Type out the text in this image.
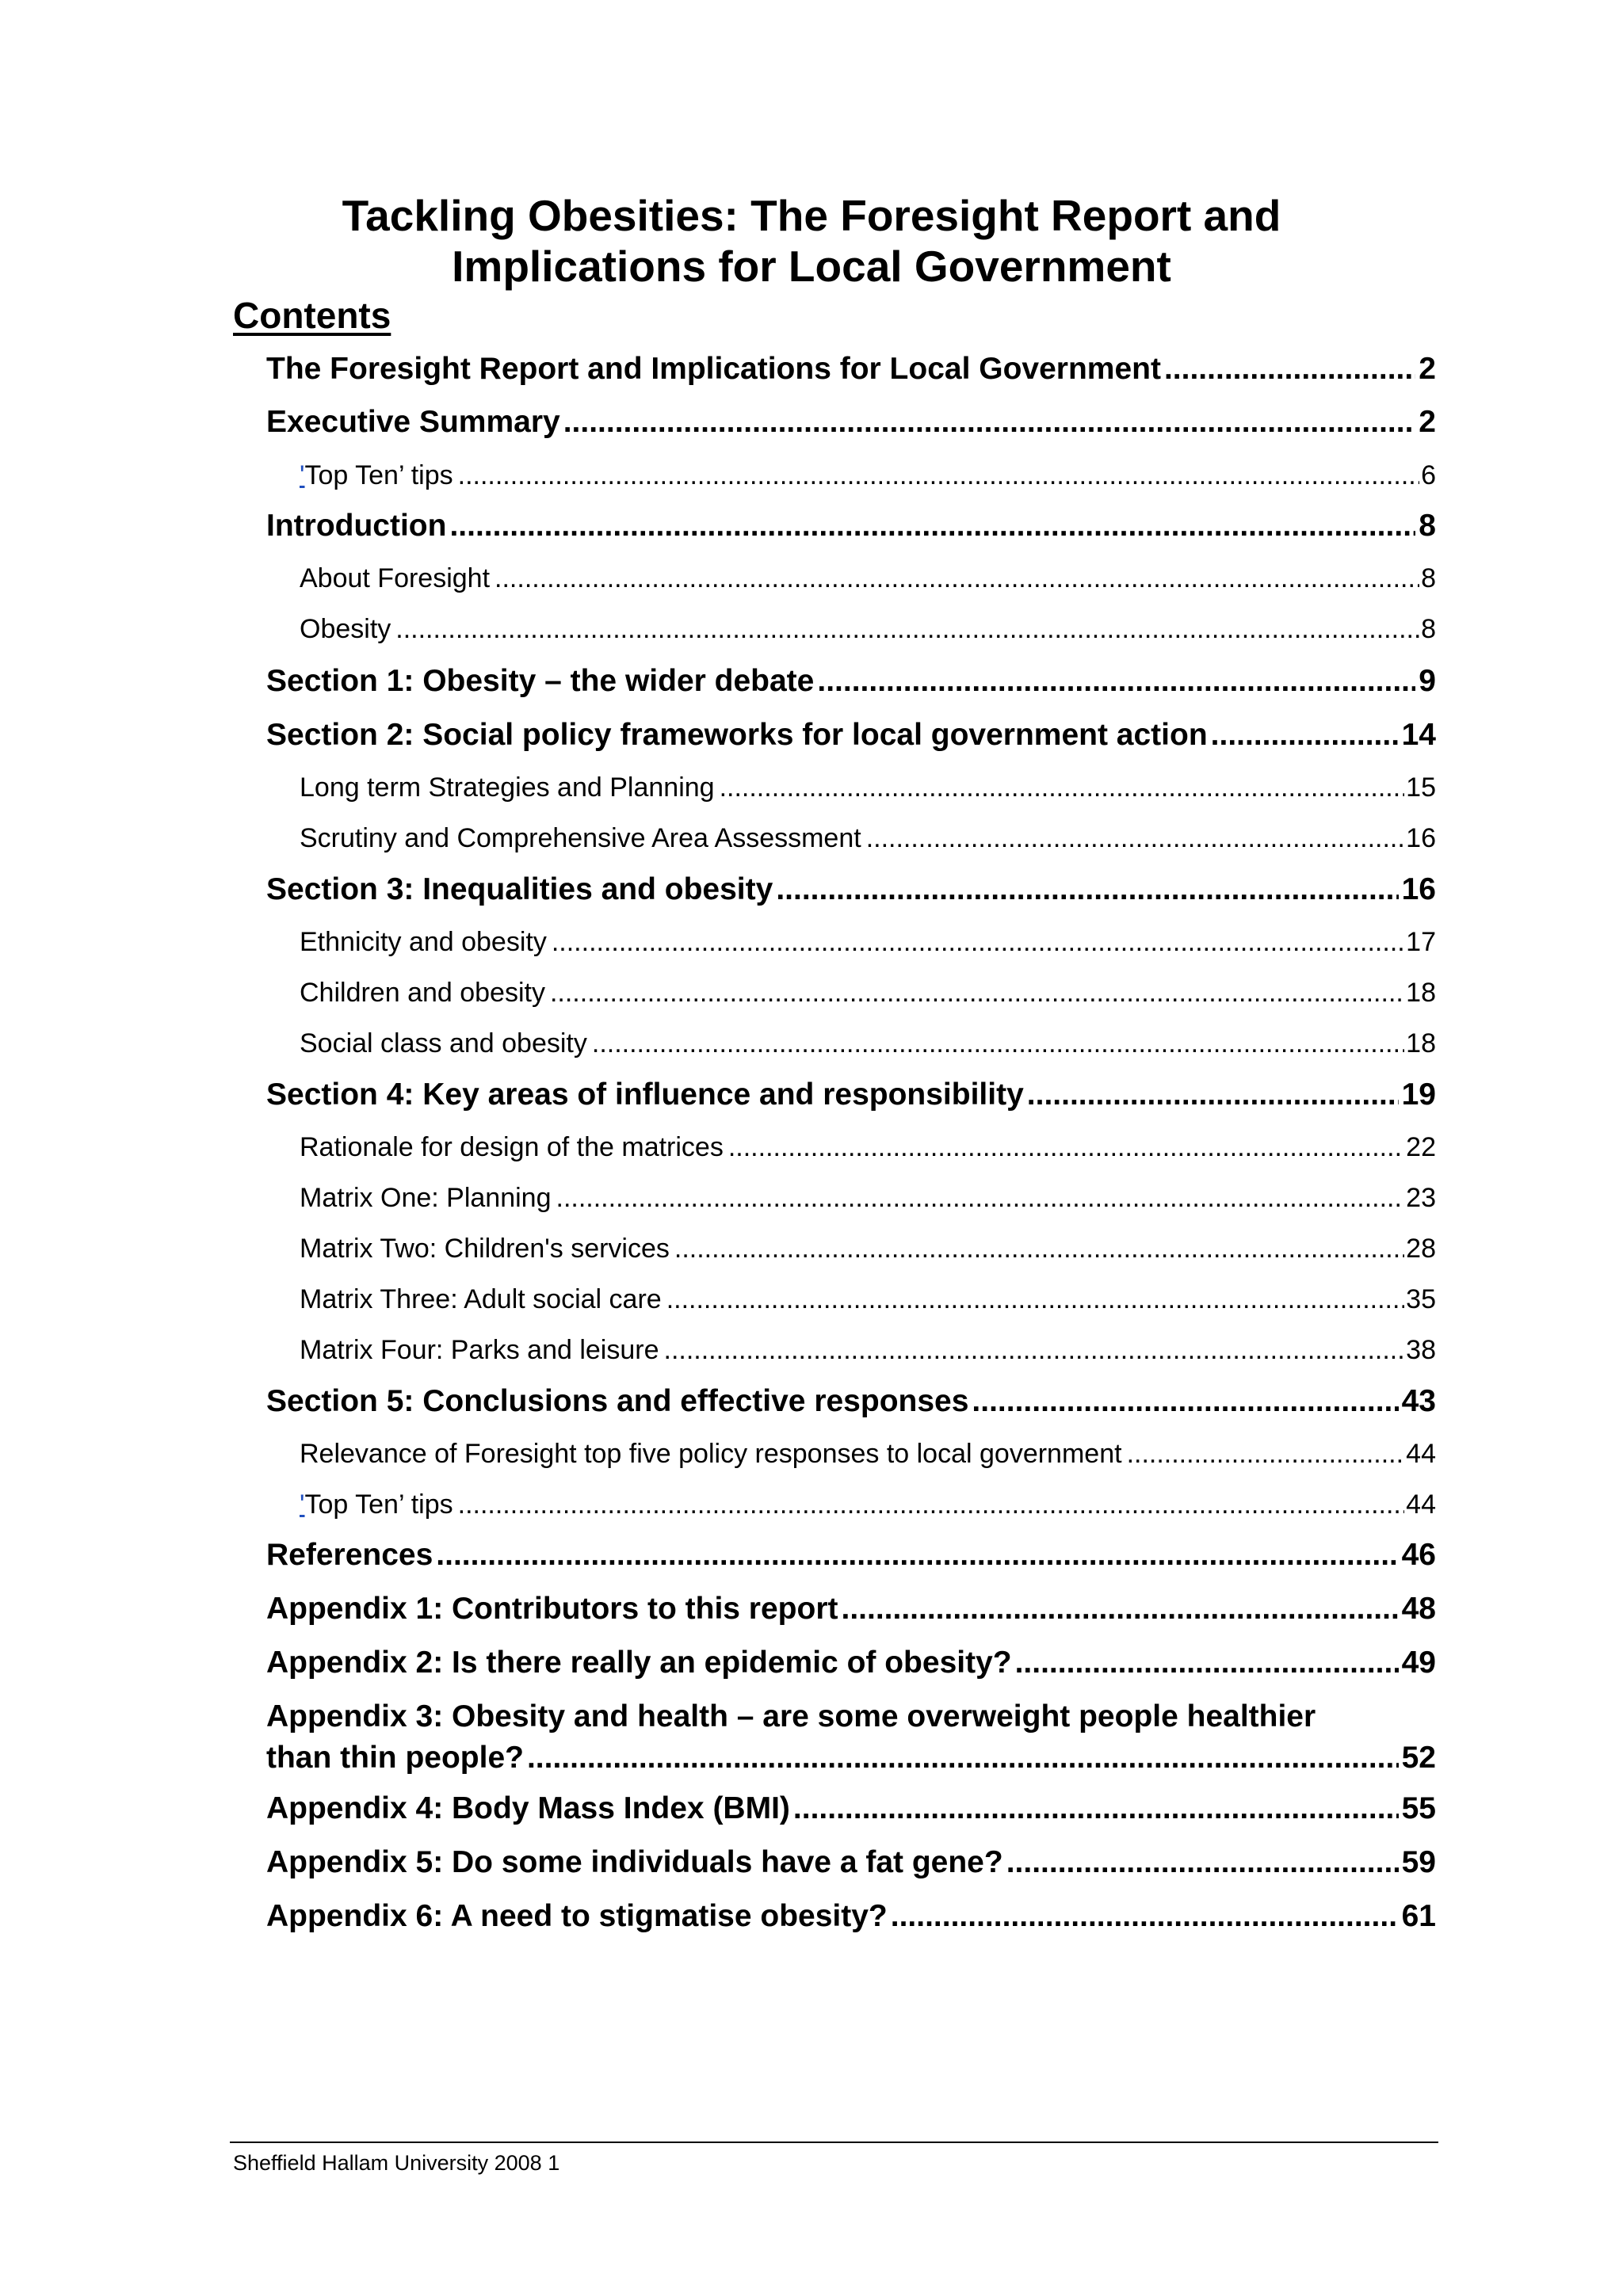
Tackling Obesities: The Foresight Report and
Implications for Local Government
Contents
The Foresight Report and Implications for Local Government .....	2
Executive Summary .....	2
'Top Ten’ tips .....	6
Introduction .....	8
About Foresight .....	8
Obesity .....	8
Section 1: Obesity – the wider debate .....	9
Section 2: Social policy frameworks for local government action .....	14
Long term Strategies and Planning .....	15
Scrutiny and Comprehensive Area Assessment .....	16
Section 3: Inequalities and obesity .....	16
Ethnicity and obesity .....	17
Children and obesity .....	18
Social class and obesity .....	18
Section 4: Key areas of influence and responsibility .....	19
Rationale for design of the matrices .....	22
Matrix One: Planning .....	23
Matrix Two: Children's services .....	28
Matrix Three: Adult social care .....	35
Matrix Four: Parks and leisure .....	38
Section 5: Conclusions and effective responses .....	43
Relevance of Foresight top five policy responses to local government .....	44
'Top Ten’ tips .....	44
References .....	46
Appendix 1: Contributors to this report .....	48
Appendix 2: Is there really an epidemic of obesity? .....	49
Appendix 3: Obesity and health – are some overweight people healthier
than thin people? .....	52
Appendix 4: Body Mass Index (BMI) .....	55
Appendix 5: Do some individuals have a fat gene? .....	59
Appendix 6: A need to stigmatise obesity? .....	61
Sheffield Hallam University 2008 1
